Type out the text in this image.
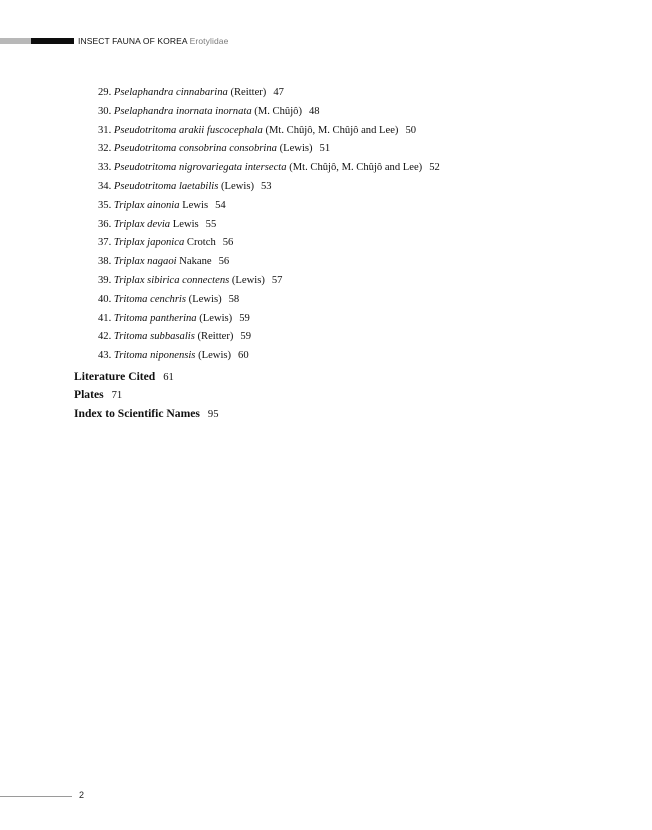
INSECT FAUNA OF KOREA Erotylidae
29. Pselaphandra cinnabarina (Reitter) 47
30. Pselaphandra inornata inornata (M. Chûjô) 48
31. Pseudotritoma arakii fuscocephala (Mt. Chûjô, M. Chûjô and Lee) 50
32. Pseudotritoma consobrina consobrina (Lewis) 51
33. Pseudotritoma nigrovariegata intersecta (Mt. Chûjô, M. Chûjô and Lee) 52
34. Pseudotritoma laetabilis (Lewis) 53
35. Triplax ainonia Lewis 54
36. Triplax devia Lewis 55
37. Triplax japonica Crotch 56
38. Triplax nagaoi Nakane 56
39. Triplax sibirica connectens (Lewis) 57
40. Tritoma cenchris (Lewis) 58
41. Tritoma pantherina (Lewis) 59
42. Tritoma subbasalis (Reitter) 59
43. Tritoma niponensis (Lewis) 60
Literature Cited 61
Plates 71
Index to Scientific Names 95
2
